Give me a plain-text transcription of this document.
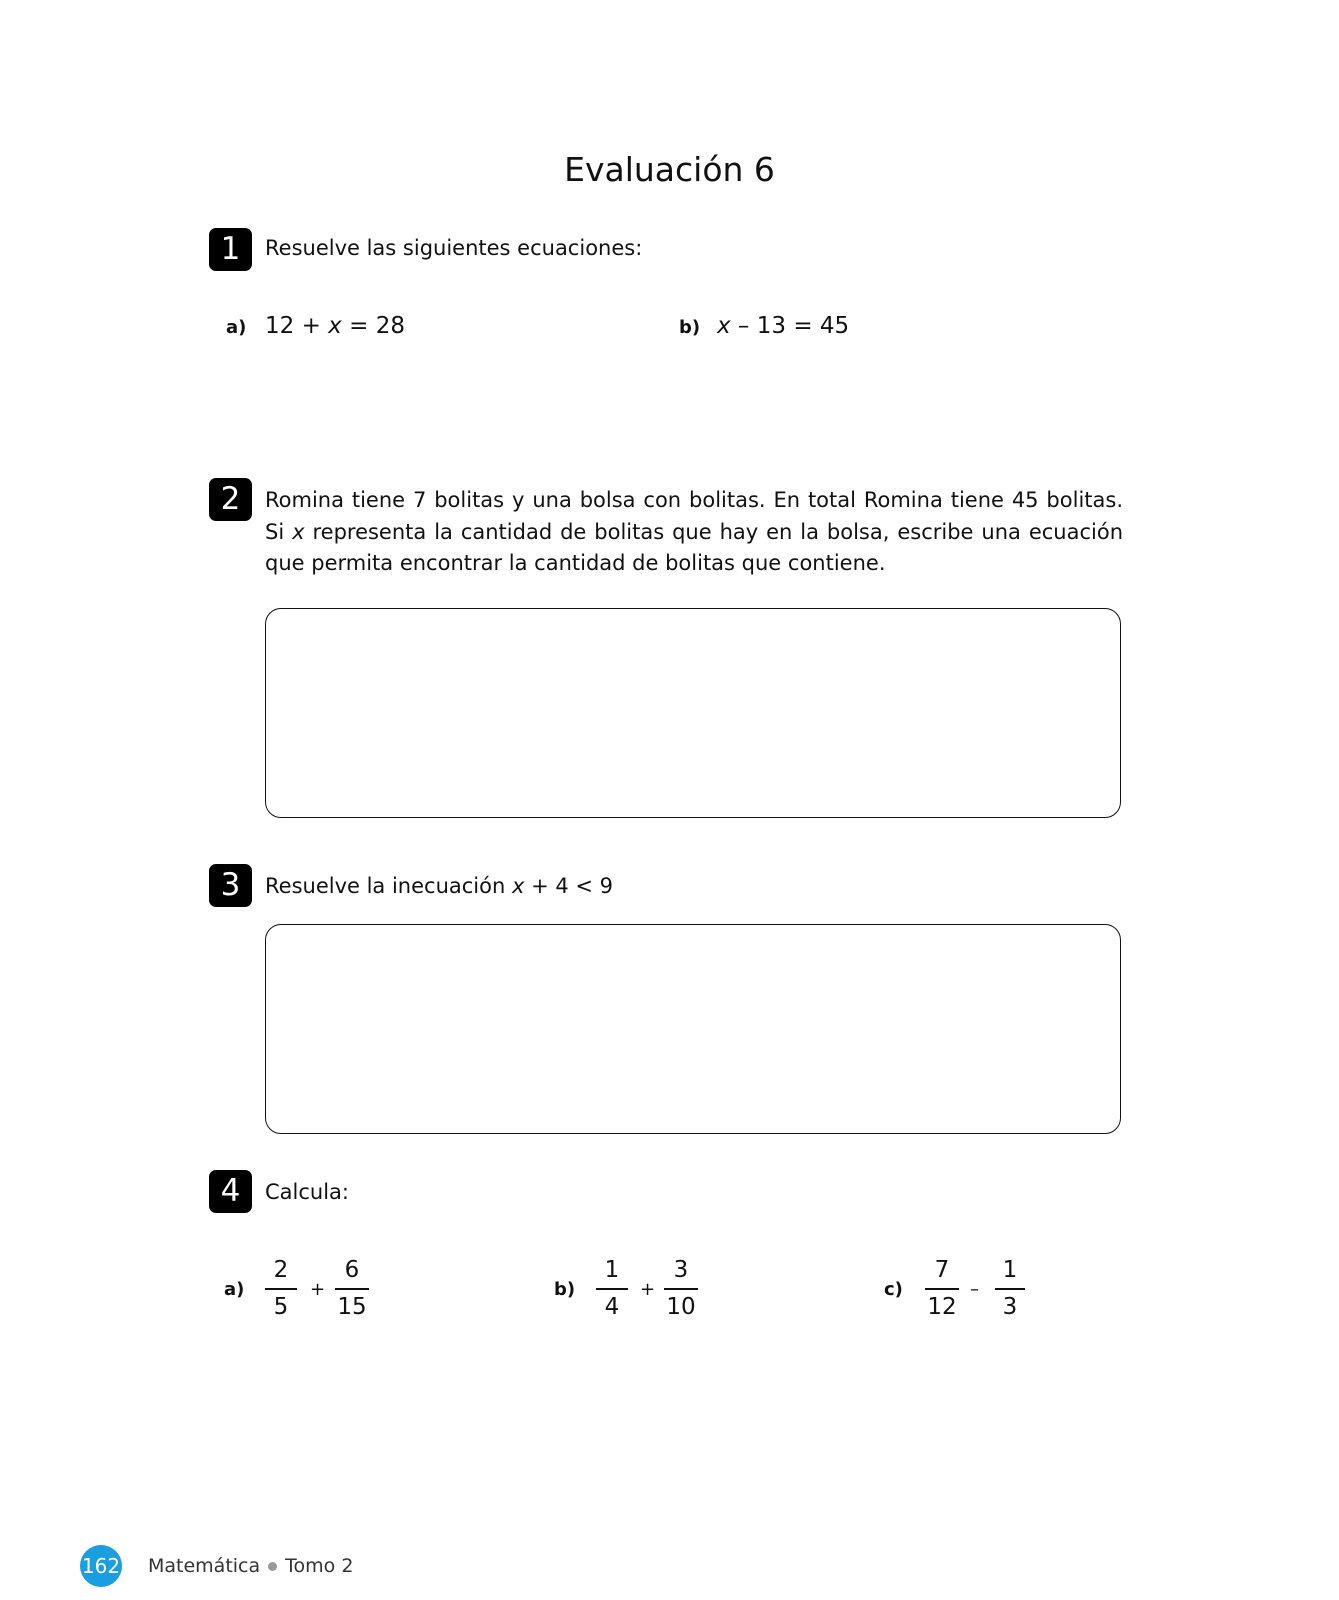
Evaluación 6
1	Resuelve las siguientes ecuaciones:
a) 12 + x = 28	b) x – 13 = 45
2	Romina tiene 7 bolitas y una bolsa con bolitas. En total Romina tiene 45 bolitas. Si x representa la cantidad de bolitas que hay en la bolsa, escribe una ecuación que permita encontrar la cantidad de bolitas que contiene.
3	Resuelve la inecuación x + 4 < 9
4	Calcula:
a)
2
5
+
6
15
b)
1
4
+
3
10
c)
7
12
–
1
3
162 Matemática Tomo 2
